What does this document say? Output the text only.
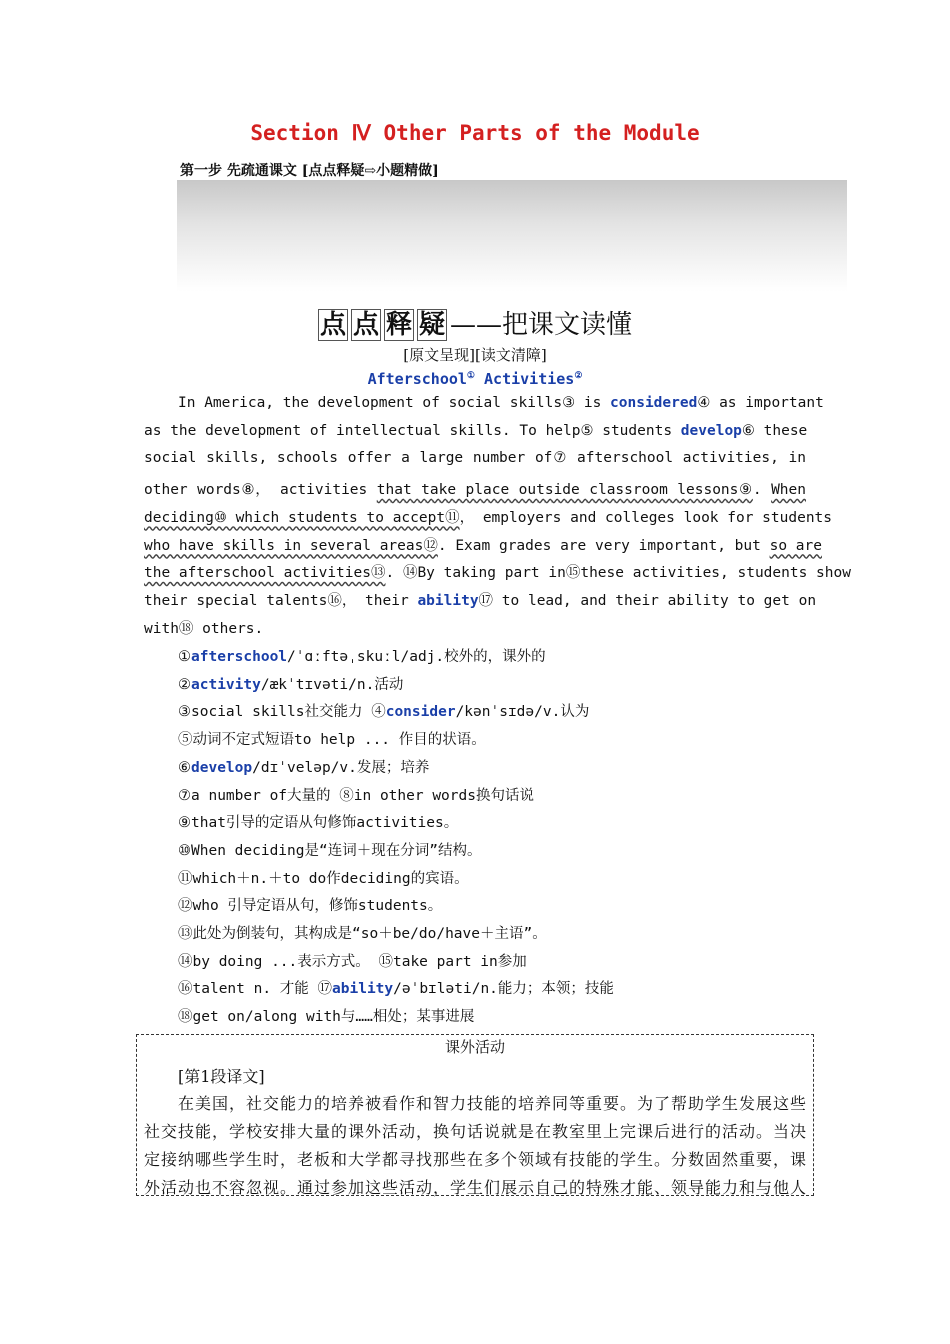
Section Ⅳ Other Parts of the Module
第一步 先疏通课文 [点点释疑⇨小题精做]
点 点 释 疑 ——把课文读懂
[原文呈现][读文清障]
Afterschool① Activities②
In America, the development of social skills③ is considered④ as important
as the development of intellectual skills. To help⑤ students develop⑥ these
social skills, schools offer a large number of⑦ afterschool activities, in
other words⑧， activities that take place outside classroom lessons⑨. When
deciding⑩ which students to accept⑪， employers and colleges look for students
who have skills in several areas⑫. Exam grades are very important, but so are
the afterschool activities⑬. ⑭By taking part in⑮these activities, students show
their special talents⑯， their ability⑰ to lead, and their ability to get on
with⑱ others.
①afterschool/ˈɑːftəˌskuːl/adj.校外的，课外的
②activity/ækˈtɪvəti/n.活动
③social skills社交能力 ④consider/kənˈsɪdə/v.认为
⑤动词不定式短语to help ... 作目的状语。
⑥develop/dɪˈveləp/v.发展；培养
⑦a number of大量的 ⑧in other words换句话说
⑨that引导的定语从句修饰activities。
⑩When deciding是“连词＋现在分词”结构。
⑪which＋n.＋to do作deciding的宾语。
⑫who 引导定语从句，修饰students。
⑬此处为倒装句，其构成是“so＋be/do/have＋主语”。
⑭by doing ...表示方式。 ⑮take part in参加
⑯talent n. 才能 ⑰ability/əˈbɪləti/n.能力；本领；技能
⑱get on/along with与……相处；某事进展
课外活动
[第1段译文]
在美国，社交能力的培养被看作和智力技能的培养同等重要。为了帮助学生发展这些
社交技能，学校安排大量的课外活动，换句话说就是在教室里上完课后进行的活动。当决
定接纳哪些学生时，老板和大学都寻找那些在多个领域有技能的学生。分数固然重要，课
外活动也不容忽视。通过参加这些活动，学生们展示自己的特殊才能、领导能力和与他人
